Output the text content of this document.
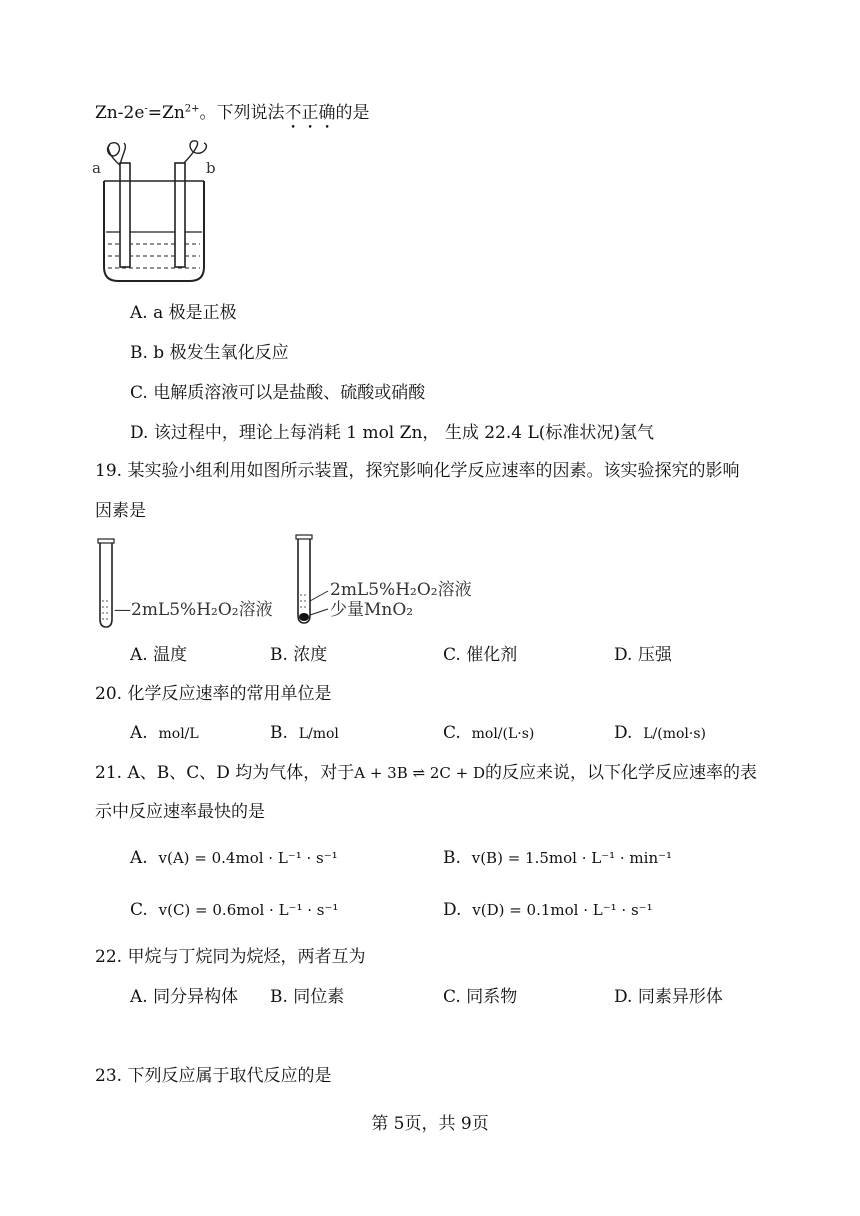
$Zn-2e^-=Zn^{2+}$。下列说法不正确的是
a	b
A. a 极是正极
B. b 极发生氧化反应
C. 电解质溶液可以是盐酸、硫酸或硝酸
D. 该过程中，理论上每消耗 1 mol Zn， 生成 22.4 L(标准状况)氢气
19. 某实验小组利用如图所示装置，探究影响化学反应速率的因素。该实验探究的影响
因素是
—2mL5%H₂O₂溶液
2mL5%H₂O₂溶液
少量MnO₂
A. 温度	B. 浓度	C. 催化剂	D. 压强
20. 化学反应速率的常用单位是
A. mol/L	B. L/mol	C. mol/(L·s)	D. L/(mol·s)
21. A、B、C、D 均为气体，对于A + 3B ⇌ 2C + D的反应来说，以下化学反应速率的表
示中反应速率最快的是
A. v(A) = 0.4mol · L⁻¹ · s⁻¹	B. v(B) = 1.5mol · L⁻¹ · min⁻¹
C. v(C) = 0.6mol · L⁻¹ · s⁻¹	D. v(D) = 0.1mol · L⁻¹ · s⁻¹
22. 甲烷与丁烷同为烷烃，两者互为
A. 同分异构体 B. 同位素	C. 同系物	D. 同素异形体
23. 下列反应属于取代反应的是
第 5页，共 9页
